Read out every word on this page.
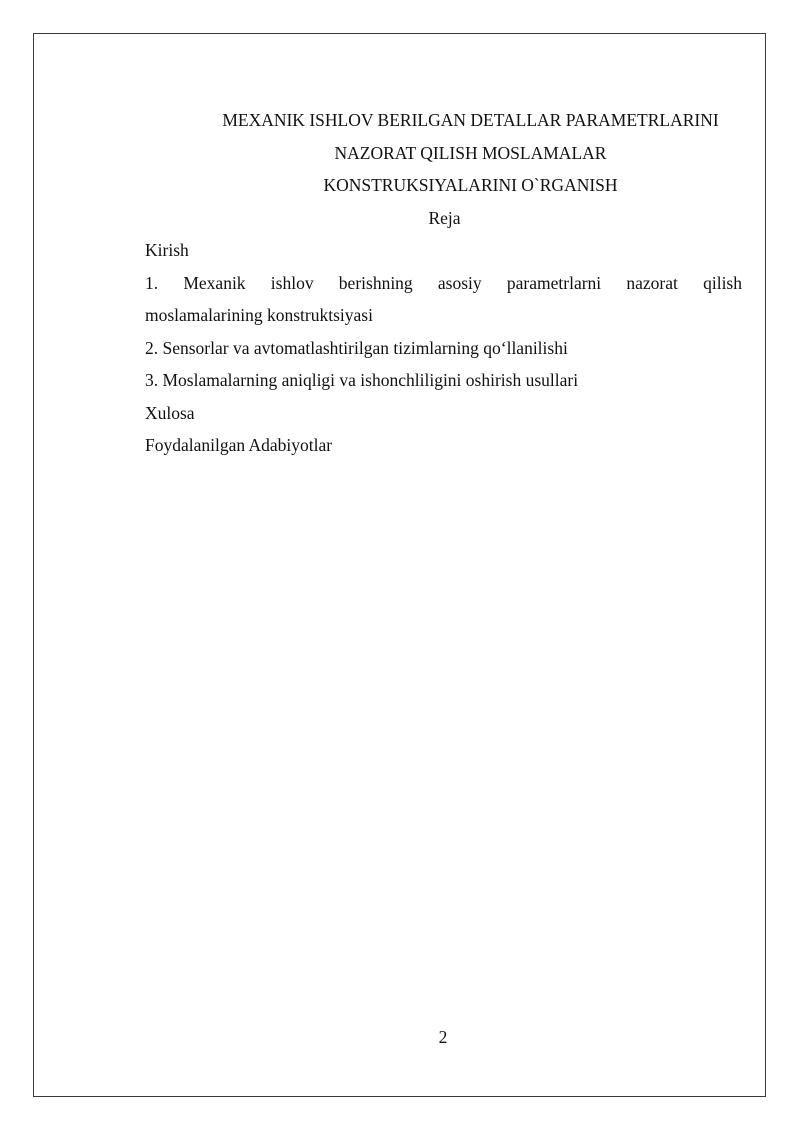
MEXANIK ISHLOV BERILGAN DETALLAR PARAMETRLARINI
NAZORAT QILISH MOSLAMALAR
KONSTRUKSIYALARINI O`RGANISH
Reja
Kirish
1. Mexanik ishlov berishning asosiy parametrlarni nazorat qilish
moslamalarining konstruktsiyasi
2. Sensorlar va avtomatlashtirilgan tizimlarning qo‘llanilishi
3. Moslamalarning aniqligi va ishonchliligini oshirish usullari
Xulosa
Foydalanilgan Adabiyotlar
2
